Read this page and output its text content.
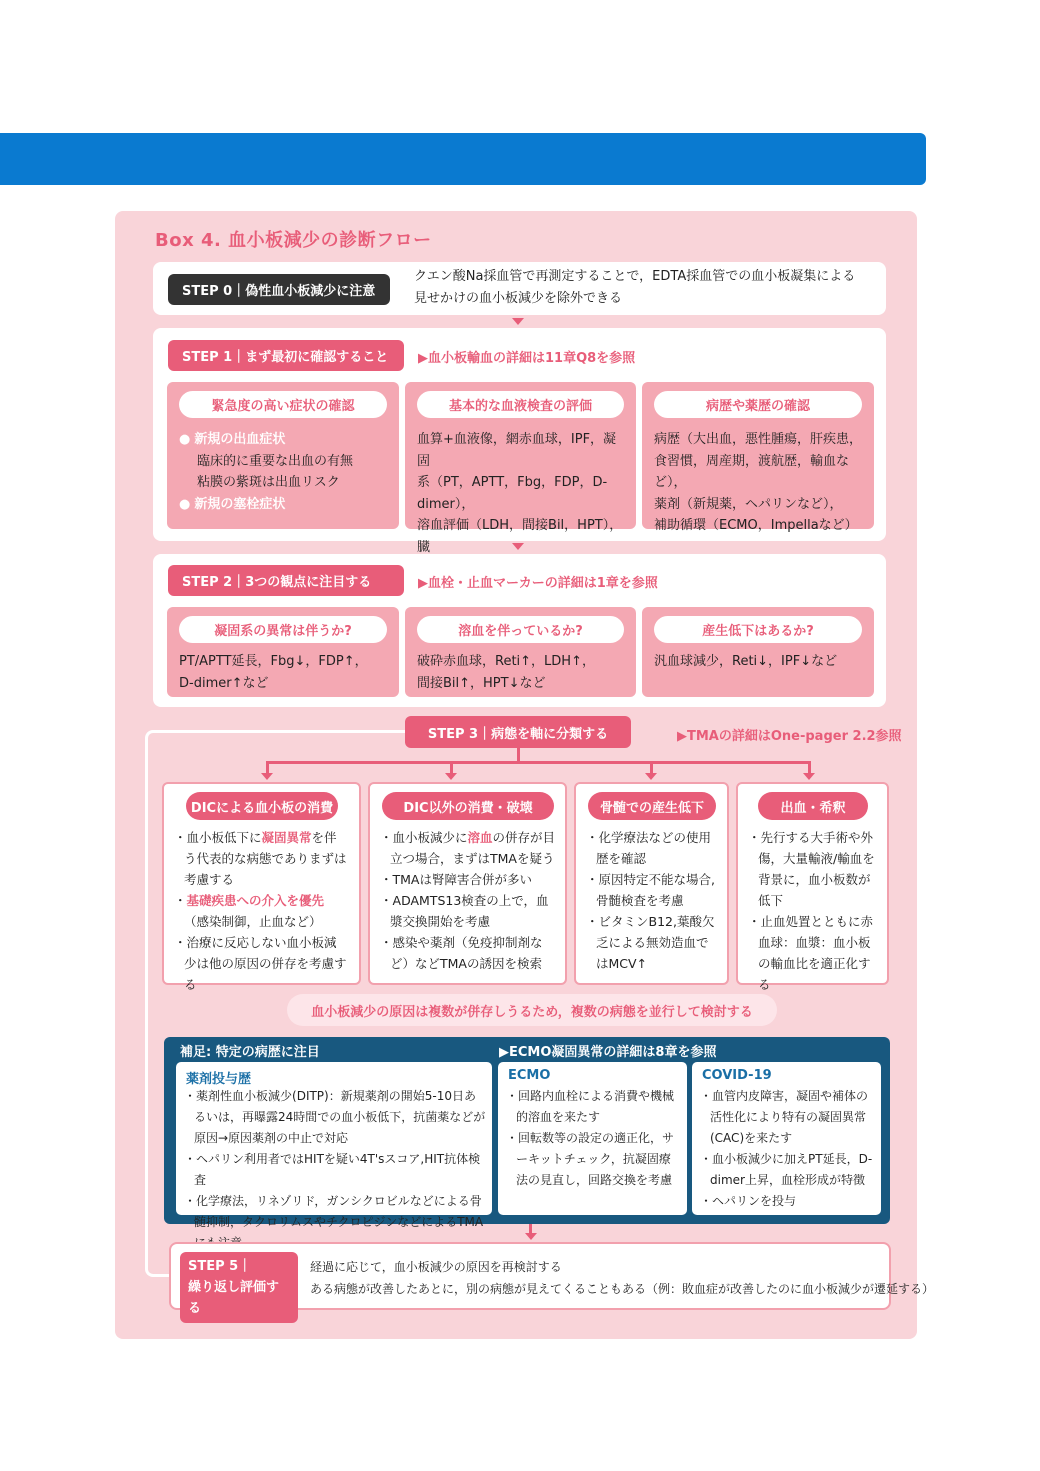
Box 4. 血小板減少の診断フロー
STEP 0｜偽性血小板減少に注意
クエン酸Na採血管で再測定することで，EDTA採血管での血小板凝集による
見せかけの血小板減少を除外できる
STEP 1｜まず最初に確認すること	▶血小板輸血の詳細は11章Q8を参照
緊急度の高い症状の確認
● 新規の出血症状
臨床的に重要な出血の有無
粘膜の紫斑は出血リスク
● 新規の塞栓症状
基本的な血液検査の評価
血算+血液像，網赤血球，IPF，凝固
系（PT，APTT，Fbg，FDP，D-dimer），
溶血評価（LDH，間接Bil，HPT），臓
病歴や薬歴の確認
病歴（大出血，悪性腫瘍，肝疾患，
食習慣，周産期，渡航歴，輸血など），
薬剤（新規薬，ヘパリンなど），
補助循環（ECMO，Impellaなど）
STEP 2｜3つの観点に注目する	▶血栓・止血マーカーの詳細は1章を参照
凝固系の異常は伴うか?
PT/APTT延長，Fbg↓，FDP↑，
D-dimer↑など
溶血を伴っているか?
破砕赤血球，Reti↑，LDH↑，
間接Bil↑，HPT↓など
産生低下はあるか?
汎血球減少，Reti↓，IPF↓など
STEP 3｜病態を軸に分類する	▶TMAの詳細はOne-pager 2.2参照
DICによる血小板の消費
・血小板低下に凝固異常を伴う代表的な病態でありまずは考慮する
・基礎疾患への介入を優先（感染制御，止血など）
・治療に反応しない血小板減少は他の原因の併存を考慮する
DIC以外の消費・破壊
・血小板減少に溶血の併存が目立つ場合，まずはTMAを疑う
・TMAは腎障害合併が多い
・ADAMTS13検査の上で，血漿交換開始を考慮
・感染や薬剤（免疫抑制剤など）などTMAの誘因を検索
骨髄での産生低下
・化学療法などの使用歴を確認
・原因特定不能な場合,骨髄検査を考慮
・ビタミンB12,葉酸欠乏による無効造血ではMCV↑
出血・希釈
・先行する大手術や外傷，大量輸液/輸血を背景に，血小板数が低下
・止血処置とともに赤血球：血漿：血小板の輸血比を適正化する
血小板減少の原因は複数が併存しうるため，複数の病態を並行して検討する
補足: 特定の病歴に注目	▶ECMO凝固異常の詳細は8章を参照
薬剤投与歴
・薬剤性血小板減少(DITP)：新規薬剤の開始5-10日あるいは，再曝露24時間での血小板低下，抗菌薬などが原因→原因薬剤の中止で対応
・ヘパリン利用者ではHITを疑い4T'sスコア,HIT抗体検査
・化学療法，リネゾリド，ガンシクロビルなどによる骨髄抑制，タクロリムスやチクロピジンなどによるTMA
ECMO
・回路内血栓による消費や機械的溶血を来たす
・回転数等の設定の適正化，サーキットチェック，抗凝固療法の見直し，回路交換を考慮
COVID-19
・血管内皮障害，凝固や補体の活性化により特有の凝固異常(CAC)を来たす
・血小板減少に加えPT延長，D-dimer上昇，血栓形成が特徴
・ヘパリンを投与
STEP 5｜
繰り返し評価する
経過に応じて，血小板減少の原因を再検討する
ある病態が改善したあとに，別の病態が見えてくることもある（例：敗血症が改善したのに血小板減少が遷延する）
